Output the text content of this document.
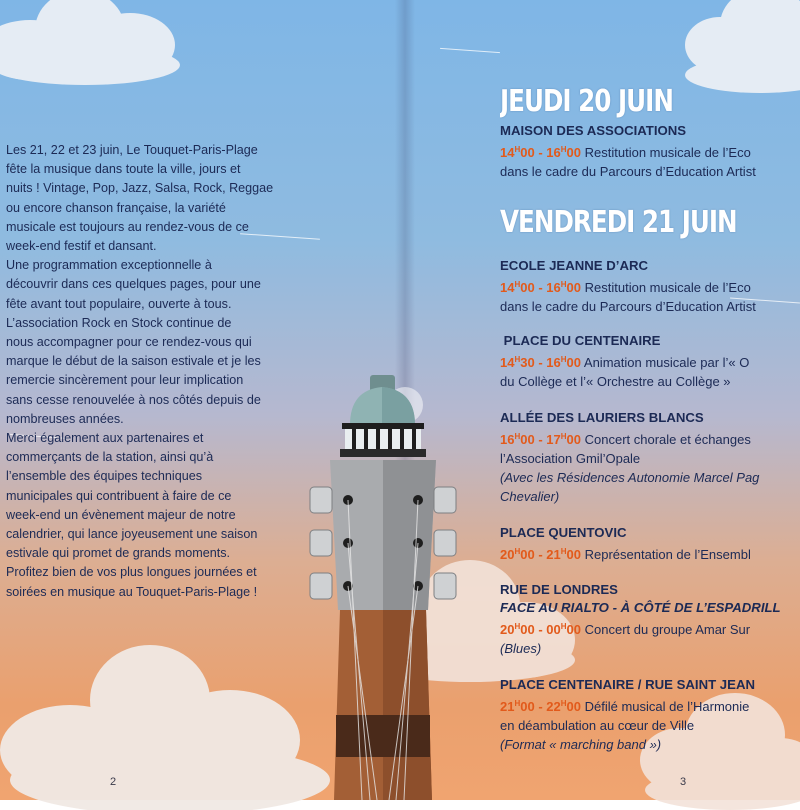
Les 21, 22 et 23 juin, Le Touquet-Paris-Plage

fête la musique dans toute la ville, jours et

nuits ! Vintage, Pop, Jazz, Salsa, Rock, Reggae

ou encore chanson française, la variété

musicale est toujours au rendez-vous de ce

week-end festif et dansant.

Une programmation exceptionnelle à

découvrir dans ces quelques pages, pour une

fête avant tout populaire, ouverte à tous.

L’association Rock en Stock continue de

nous accompagner pour ce rendez-vous qui

marque le début de la saison estivale et je les

remercie sincèrement pour leur implication

sans cesse renouvelée à nos côtés depuis de

nombreuses années.

Merci également aux partenaires et

commerçants de la station, ainsi qu’à

l’ensemble des équipes techniques

municipales qui contribuent à faire de ce

week-end un évènement majeur de notre

calendrier, qui lance joyeusement une saison

estivale qui promet de grands moments.

Profitez bien de vos plus longues journées et

soirées en musique au Touquet-Paris-Plage !

2	3
JEUDI 20 JUIN
MAISON DES ASSOCIATIONS
$14^H00 - 16^H00$ Restitution musicale de l’Eco
dans le cadre du Parcours d’Education Artist
VENDREDI 21 JUIN
ECOLE JEANNE D’ARC
$14^H00 - 16^H00$ Restitution musicale de l’Eco
dans le cadre du Parcours d’Education Artist
PLACE DU CENTENAIRE
$14^H30 - 16^H00$ Animation musicale par l’« O
du Collège et l’« Orchestre au Collège »
ALLÉE DES LAURIERS BLANCS
$16^H00 - 17^H00$ Concert chorale et échanges
l’Association Gmil’Opale
(Avec les Résidences Autonomie Marcel Pag
Chevalier)
PLACE QUENTOVIC
$20^H00 - 21^H00$ Représentation de l’Ensembl
RUE DE LONDRES
FACE AU RIALTO - À CÔTÉ DE L’ESPADRILL
$20^H00 - 00^H00$ Concert du groupe Amar Sur
(Blues)
PLACE CENTENAIRE / RUE SAINT JEAN
$21^H00 - 22^H00$ Défilé musical de l’Harmonie
en déambulation au cœur de Ville
(Format « marching band »)
